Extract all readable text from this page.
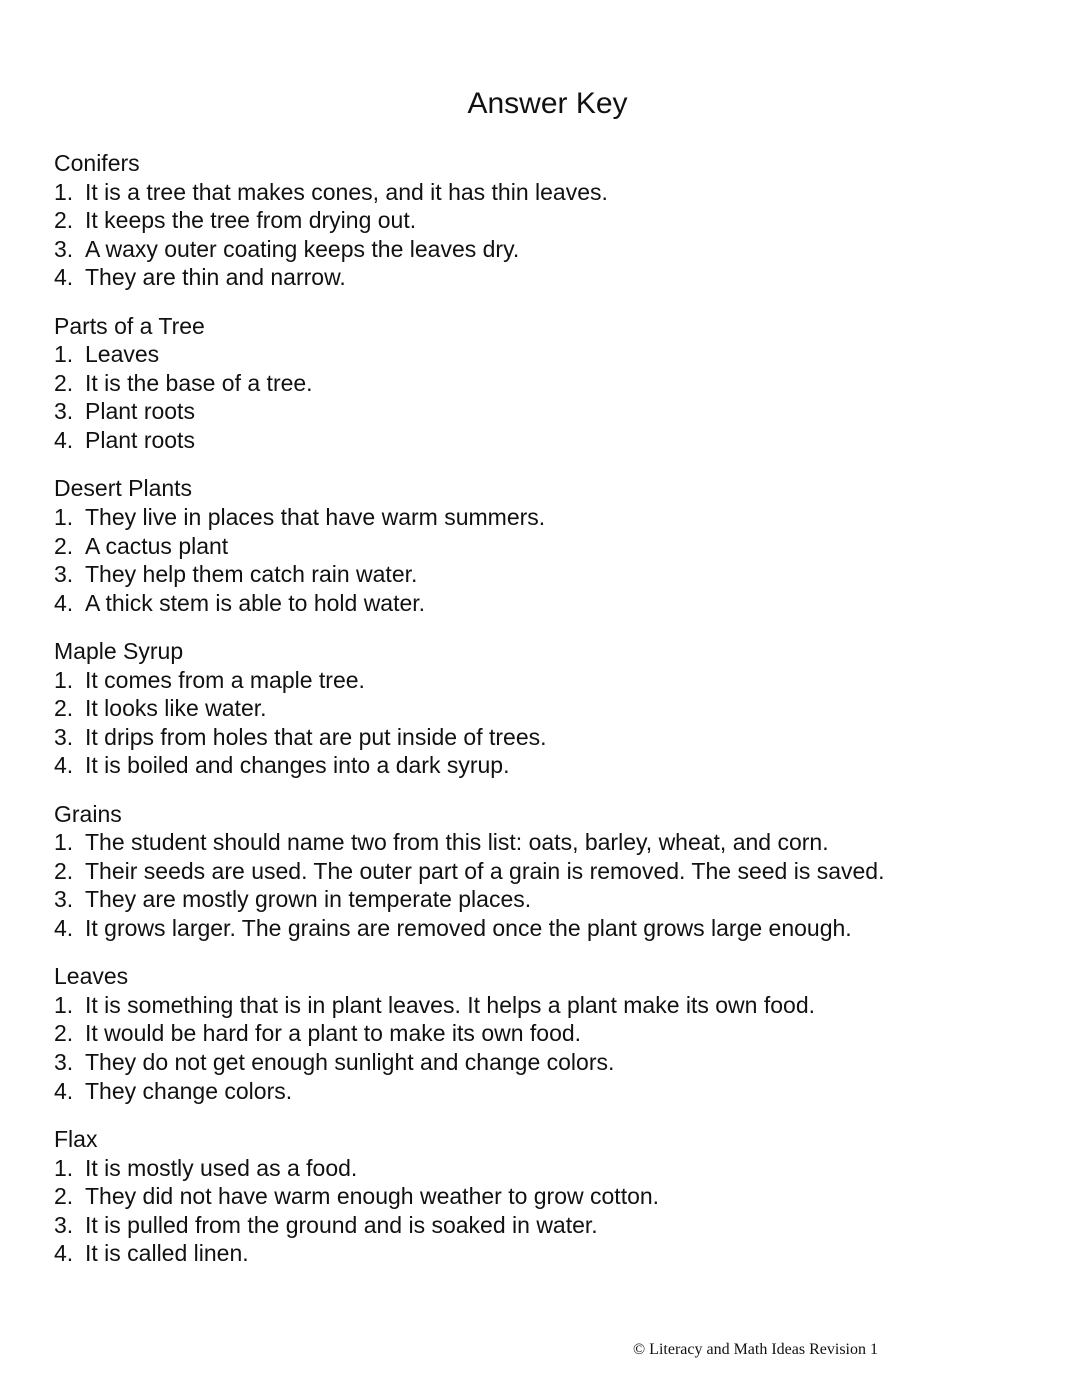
Answer Key
Conifers
1. It is a tree that makes cones, and it has thin leaves.
2. It keeps the tree from drying out.
3. A waxy outer coating keeps the leaves dry.
4. They are thin and narrow.
Parts of a Tree
1. Leaves
2. It is the base of a tree.
3. Plant roots
4. Plant roots
Desert Plants
1. They live in places that have warm summers.
2. A cactus plant
3. They help them catch rain water.
4. A thick stem is able to hold water.
Maple Syrup
1. It comes from a maple tree.
2. It looks like water.
3. It drips from holes that are put inside of trees.
4. It is boiled and changes into a dark syrup.
Grains
1. The student should name two from this list: oats, barley, wheat, and corn.
2. Their seeds are used. The outer part of a grain is removed. The seed is saved.
3. They are mostly grown in temperate places.
4. It grows larger. The grains are removed once the plant grows large enough.
Leaves
1. It is something that is in plant leaves. It helps a plant make its own food.
2. It would be hard for a plant to make its own food.
3. They do not get enough sunlight and change colors.
4. They change colors.
Flax
1. It is mostly used as a food.
2. They did not have warm enough weather to grow cotton.
3. It is pulled from the ground and is soaked in water.
4. It is called linen.
© Literacy and Math Ideas Revision 1
